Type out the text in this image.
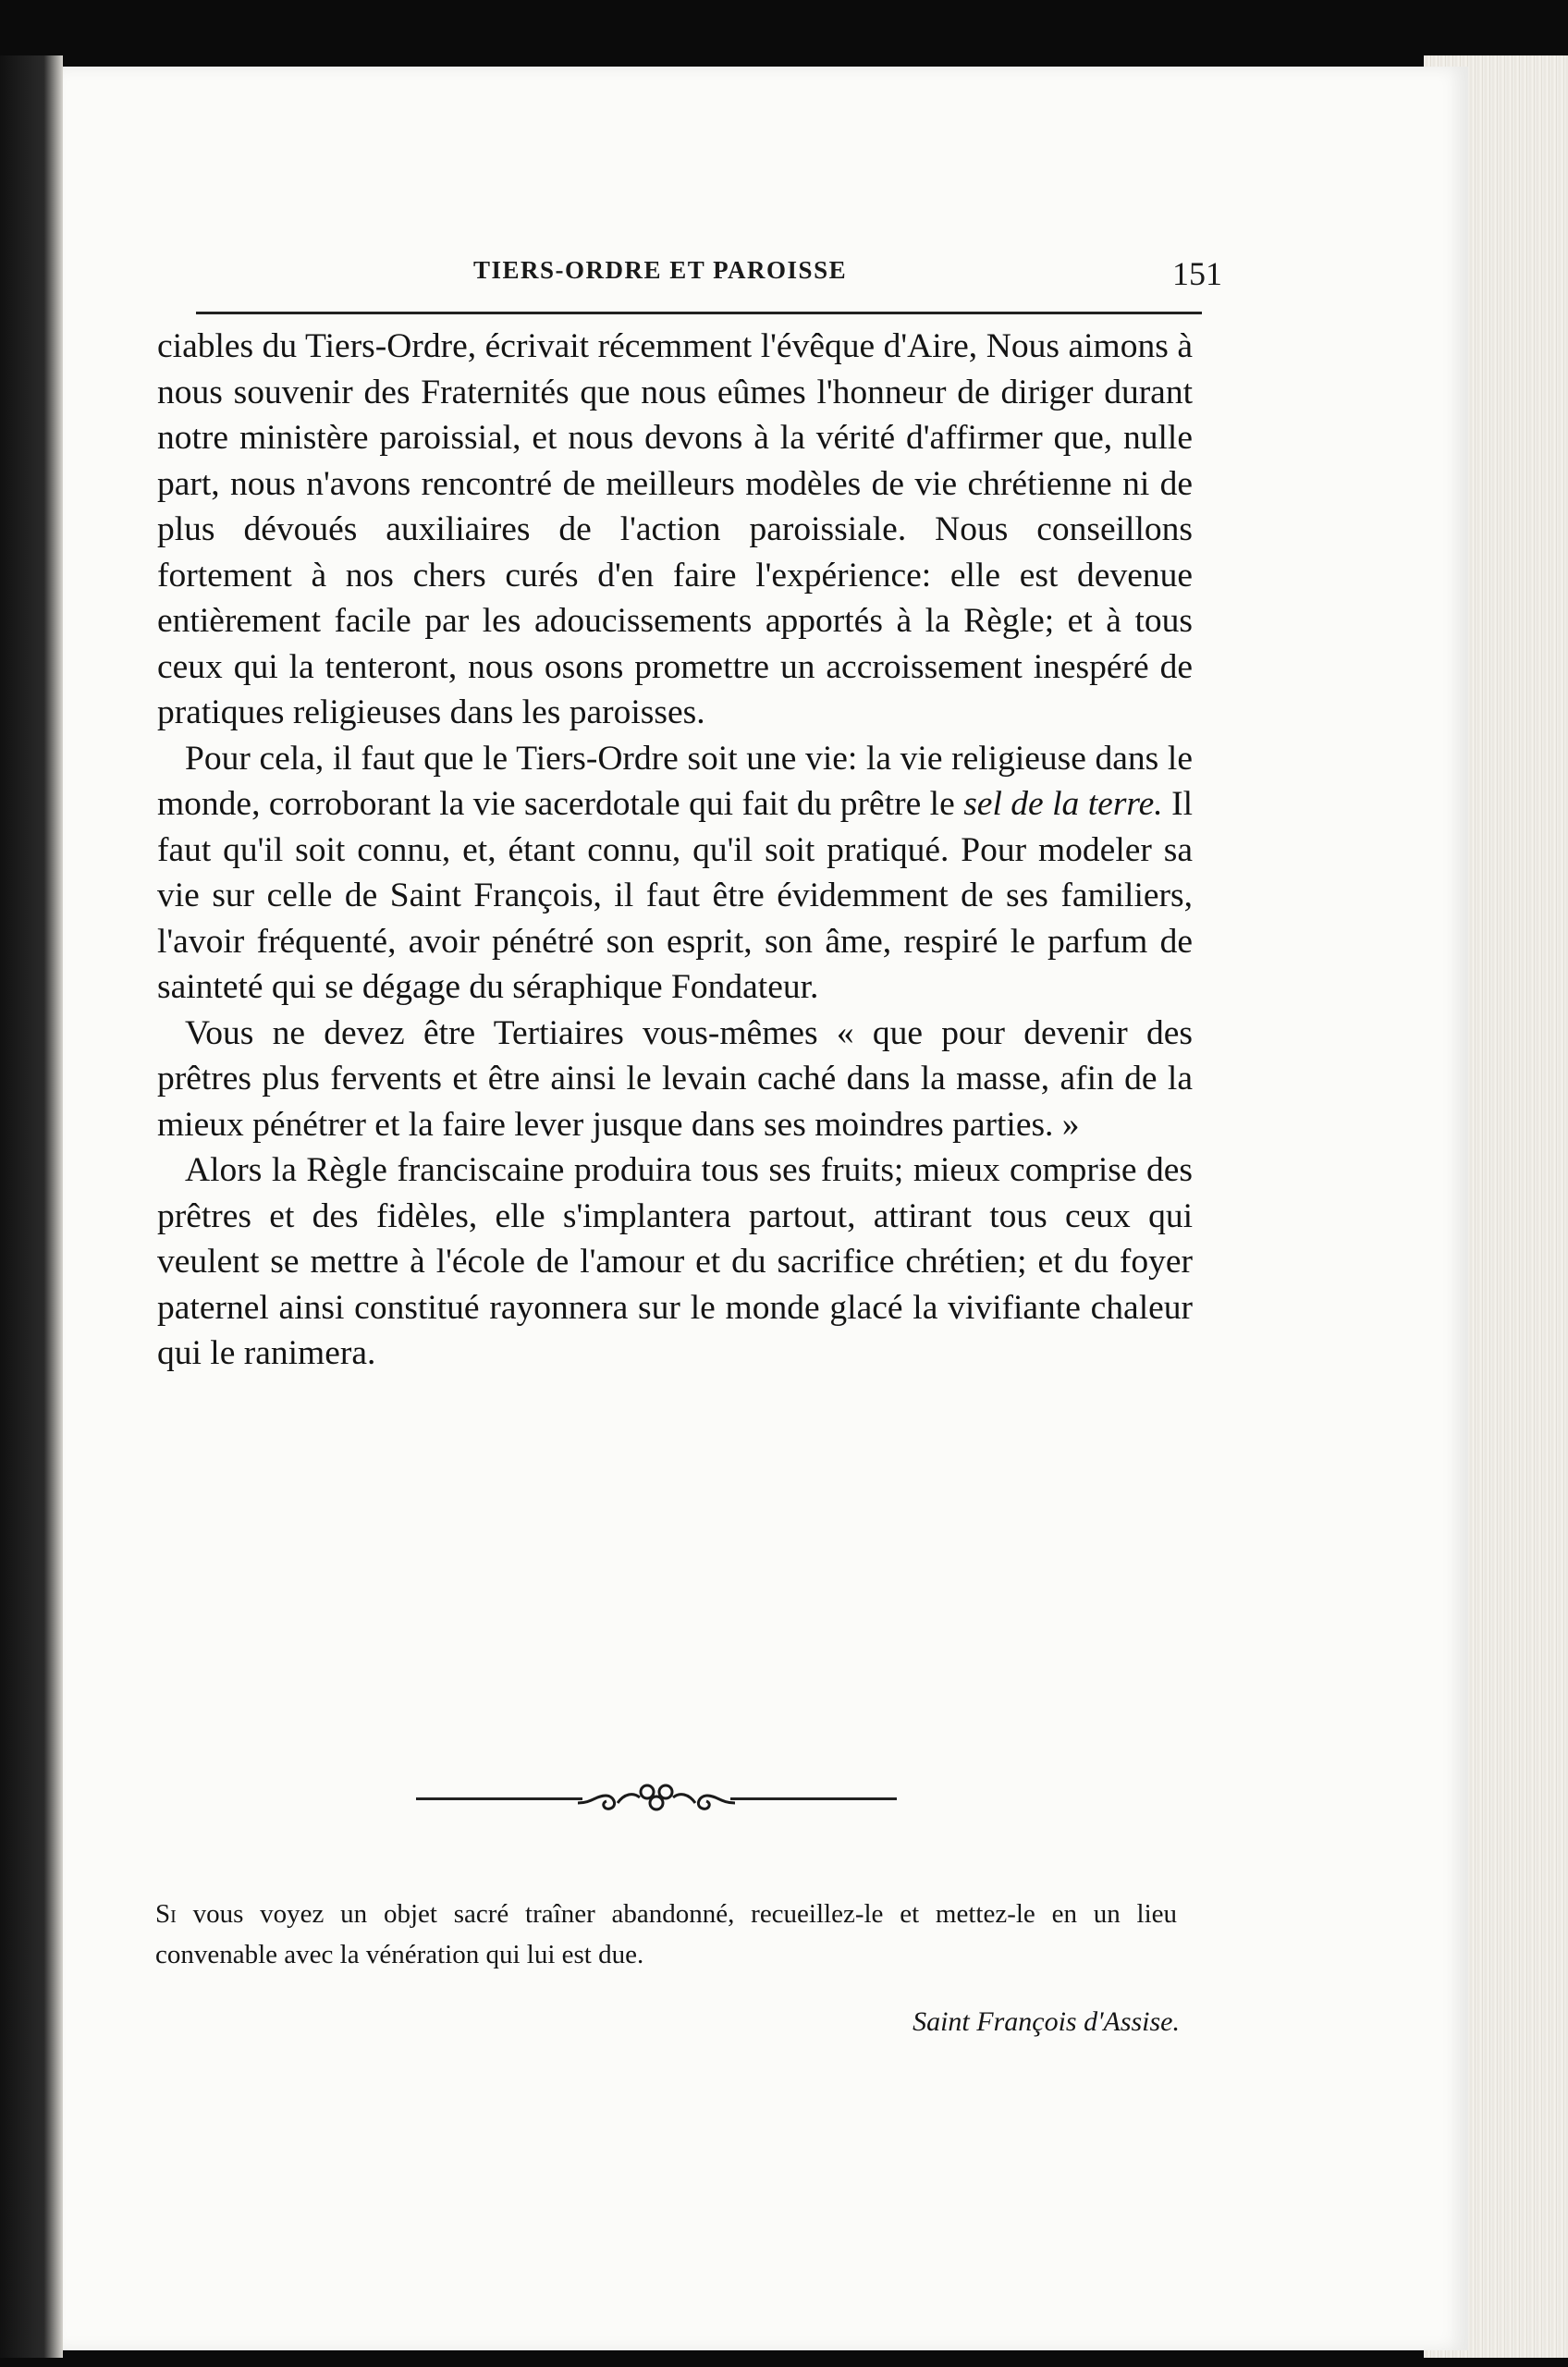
TIERS-ORDRE ET PAROISSE	151

ciables du Tiers-Ordre, écrivait récemment l'évêque d'Aire, Nous aimons à nous souvenir des Fraternités que nous eûmes l'honneur de diriger durant notre ministère paroissial, et nous devons à la vérité d'affirmer que, nulle part, nous n'avons rencontré de meilleurs modèles de vie chrétienne ni de plus dévoués auxiliaires de l'action paroissiale. Nous conseillons fortement à nos chers curés d'en faire l'expérience: elle est devenue entièrement facile par les adoucissements apportés à la Règle; et à tous ceux qui la tenteront, nous osons promettre un accroissement inespéré de pratiques religieuses dans les paroisses.

Pour cela, il faut que le Tiers-Ordre soit une vie: la vie religieuse dans le monde, corroborant la vie sacerdotale qui fait du prêtre le sel de la terre. Il faut qu'il soit connu, et, étant connu, qu'il soit pratiqué. Pour modeler sa vie sur celle de Saint François, il faut être évidemment de ses familiers, l'avoir fréquenté, avoir pénétré son esprit, son âme, respiré le parfum de sainteté qui se dégage du séraphique Fondateur.

Vous ne devez être Tertiaires vous-mêmes « que pour devenir des prêtres plus fervents et être ainsi le levain caché dans la masse, afin de la mieux pénétrer et la faire lever jusque dans ses moindres parties. »

Alors la Règle franciscaine produira tous ses fruits; mieux comprise des prêtres et des fidèles, elle s'implantera partout, attirant tous ceux qui veulent se mettre à l'école de l'amour et du sacrifice chrétien; et du foyer paternel ainsi constitué rayonnera sur le monde glacé la vivifiante chaleur qui le ranimera.

Si vous voyez un objet sacré traîner abandonné, recueillez-le et mettez-le en un lieu convenable avec la vénération qui lui est due.

Saint François d'Assise.
